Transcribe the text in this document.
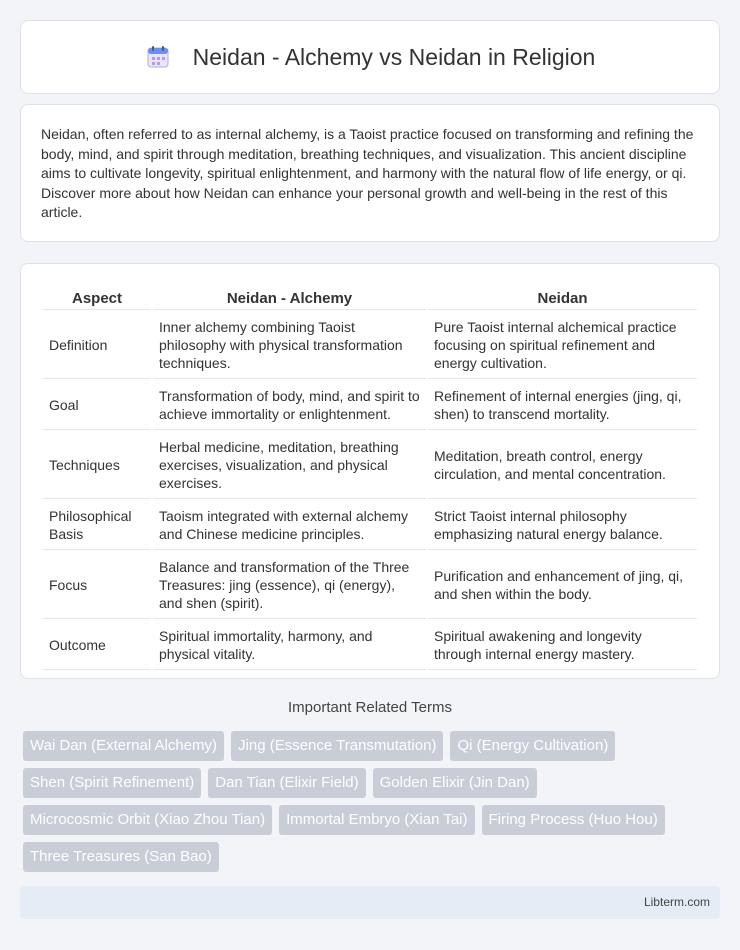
Neidan - Alchemy vs Neidan in Religion

Neidan, often referred to as internal alchemy, is a Taoist practice focused on transforming and refining the body, mind, and spirit through meditation, breathing techniques, and visualization. This ancient discipline aims to cultivate longevity, spiritual enlightenment, and harmony with the natural flow of life energy, or qi. Discover more about how Neidan can enhance your personal growth and well-being in the rest of this article.

Aspect	Neidan - Alchemy	Neidan
Definition	Inner alchemy combining Taoist philosophy with physical transformation techniques.	Pure Taoist internal alchemical practice focusing on spiritual refinement and energy cultivation.
Goal	Transformation of body, mind, and spirit to achieve immortality or enlightenment.	Refinement of internal energies (jing, qi, shen) to transcend mortality.
Techniques	Herbal medicine, meditation, breathing exercises, visualization, and physical exercises.	Meditation, breath control, energy circulation, and mental concentration.
Philosophical Basis	Taoism integrated with external alchemy and Chinese medicine principles.	Strict Taoist internal philosophy emphasizing natural energy balance.
Focus	Balance and transformation of the Three Treasures: jing (essence), qi (energy), and shen (spirit).	Purification and enhancement of jing, qi, and shen within the body.
Outcome	Spiritual immortality, harmony, and physical vitality.	Spiritual awakening and longevity through internal energy mastery.
Important Related Terms
Wai Dan (External Alchemy)	Jing (Essence Transmutation)	Qi (Energy Cultivation)
Shen (Spirit Refinement)	Dan Tian (Elixir Field)	Golden Elixir (Jin Dan)
Microcosmic Orbit (Xiao Zhou Tian)	Immortal Embryo (Xian Tai)	Firing Process (Huo Hou)
Three Treasures (San Bao)
Libterm.com
